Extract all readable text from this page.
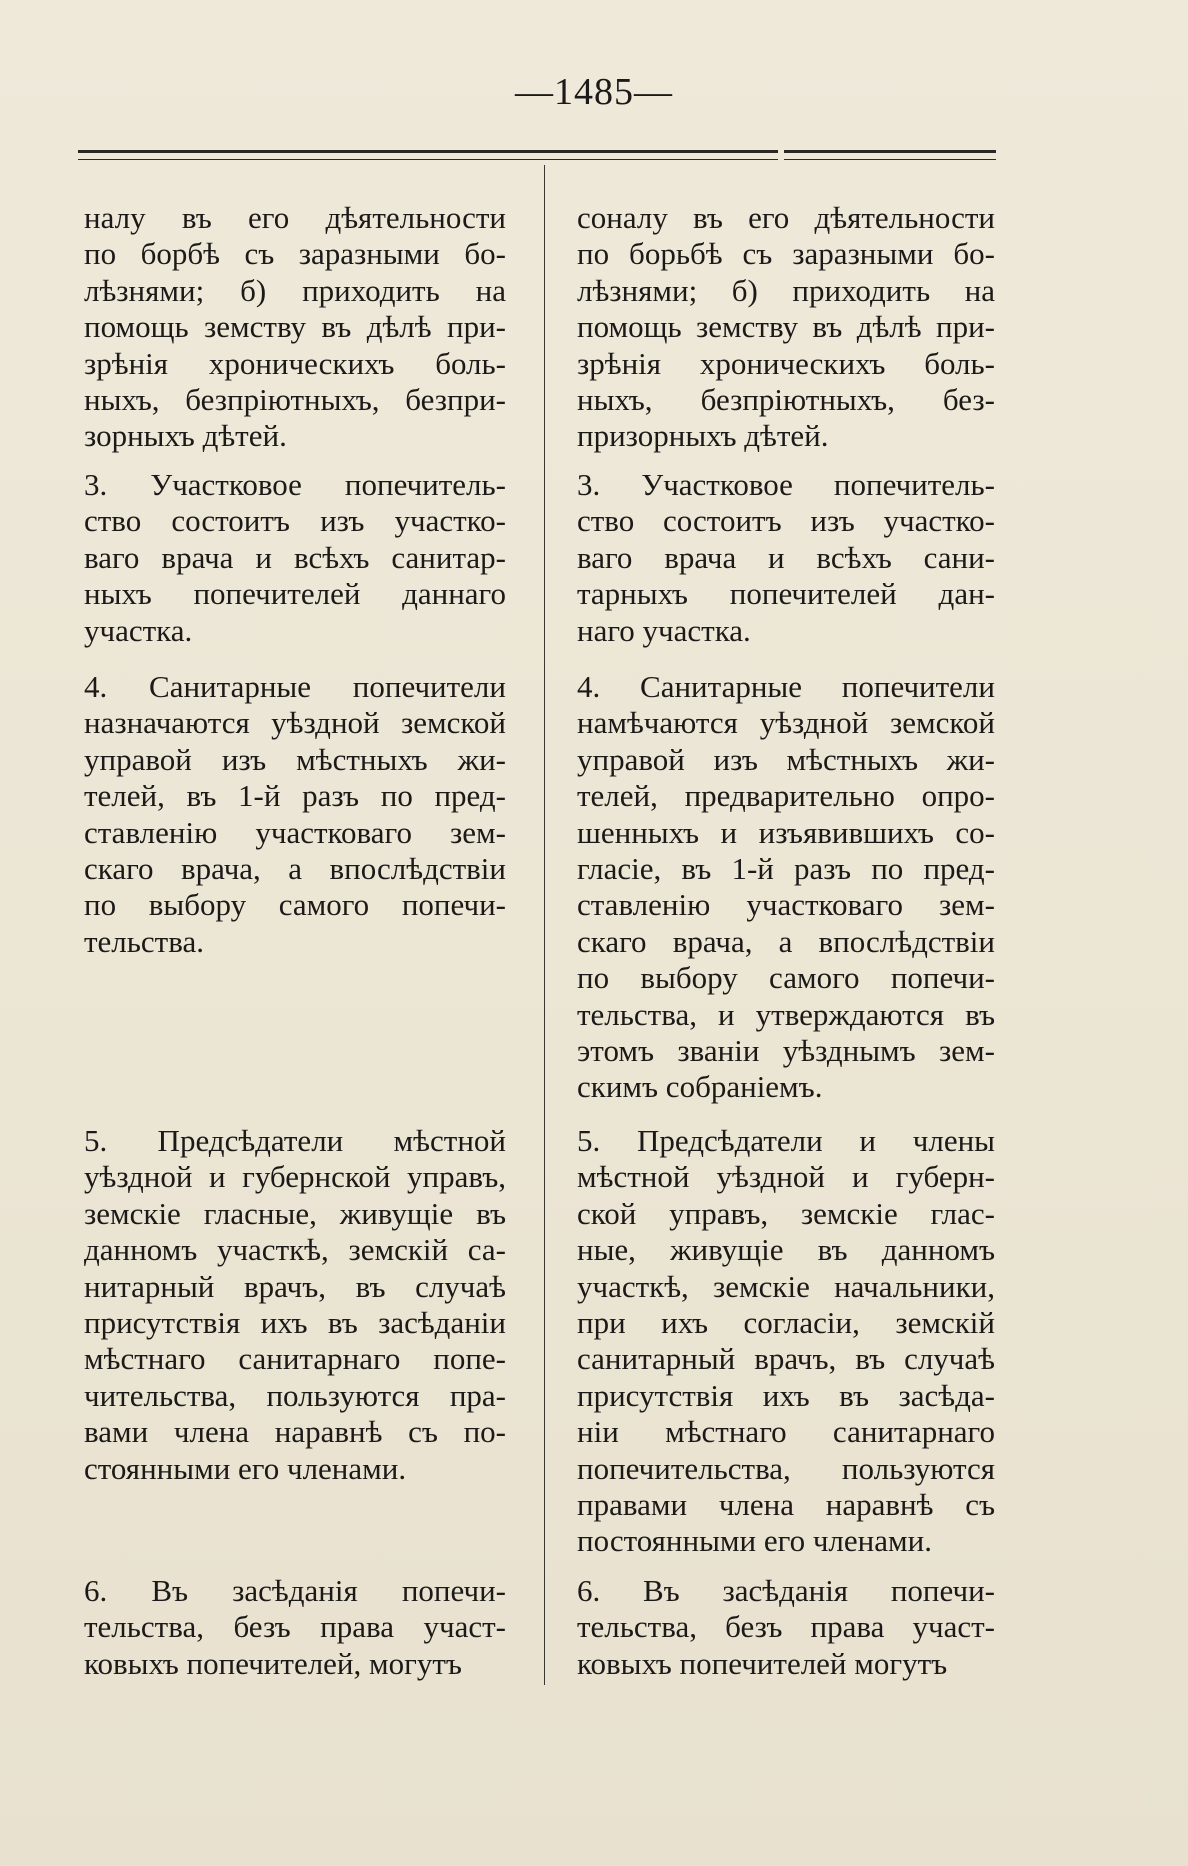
—1485—
налу въ его дѣятельности
по борбѣ съ заразными бо-
лѣзнями; б) приходить на
помощь земству въ дѣлѣ при-
зрѣнія хроническихъ боль-
ныхъ, безпріютныхъ, безпри-
зорныхъ дѣтей.
3. Участковое попечитель-
ство состоитъ изъ участко-
ваго врача и всѣхъ санитар-
ныхъ попечителей даннаго
участка.
4. Санитарные попечители
назначаются уѣздной земской
управой изъ мѣстныхъ жи-
телей, въ 1-й разъ по пред-
ставленію участковаго зем-
скаго врача, а впослѣдствіи
по выбору самого попечи-
тельства.
5. Предсѣдатели мѣстной
уѣздной и губернской управъ,
земскіе гласные, живущіе въ
данномъ участкѣ, земскій са-
нитарный врачъ, въ случаѣ
присутствія ихъ въ засѣданіи
мѣстнаго санитарнаго попе-
чительства, пользуются пра-
вами члена наравнѣ съ по-
стоянными его членами.
6. Въ засѣданія попечи-
тельства, безъ права участ-
ковыхъ попечителей, могутъ
соналу въ его дѣятельности
по борьбѣ съ заразными бо-
лѣзнями; б) приходить на
помощь земству въ дѣлѣ при-
зрѣнія хроническихъ боль-
ныхъ, безпріютныхъ, без-
призорныхъ дѣтей.
3. Участковое попечитель-
ство состоитъ изъ участко-
ваго врача и всѣхъ сани-
тарныхъ попечителей дан-
наго участка.
4. Санитарные попечители
намѣчаются уѣздной земской
управой изъ мѣстныхъ жи-
телей, предварительно опро-
шенныхъ и изъявившихъ со-
гласіе, въ 1-й разъ по пред-
ставленію участковаго зем-
скаго врача, а впослѣдствіи
по выбору самого попечи-
тельства, и утверждаются въ
этомъ званіи уѣзднымъ зем-
скимъ собраніемъ.
5. Предсѣдатели и члены
мѣстной уѣздной и губерн-
ской управъ, земскіе глас-
ные, живущіе въ данномъ
участкѣ, земскіе начальники,
при ихъ согласіи, земскій
санитарный врачъ, въ случаѣ
присутствія ихъ въ засѣда-
ніи мѣстнаго санитарнаго
попечительства, пользуются
правами члена наравнѣ съ
постоянными его членами.
6. Въ засѣданія попечи-
тельства, безъ права участ-
ковыхъ попечителей могутъ
